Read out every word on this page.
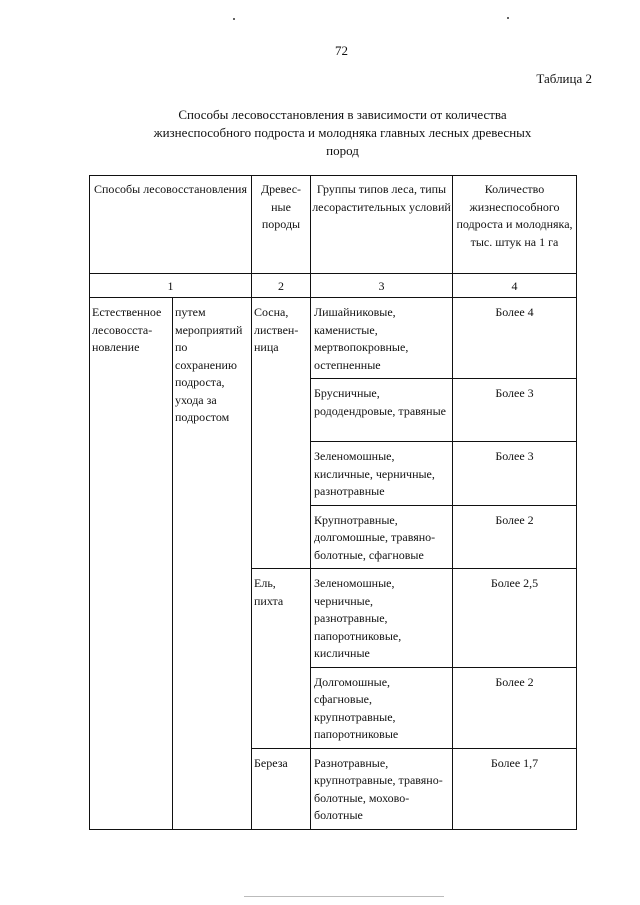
72
Таблица 2
Способы лесовосстановления в зависимости от количества жизнеспособного подроста и молодняка главных лесных древесных пород
Способы лесовосстановления		Древес-ные породы	Группы типов леса, типы лесорастительных условий	Количество жизнеспособного подроста и молодняка, тыс. штук на 1 га
1		2	3	4
Естественное лесовосста-новление	путем мероприятий по сохранению подроста, ухода за подростом	Сосна, листвен-ница	Лишайниковые, каменистые, мертвопокровные, остепненные	Более 4
			Брусничные, рододендровые, травяные	Более 3
			Зеленомошные, кисличные, черничные, разнотравные	Более 3
			Крупнотравные, долгомошные, травяно-болотные, сфагновые	Более 2
		Ель, пихта	Зеленомошные, черничные, разнотравные, папоротниковые, кисличные	Более 2,5
			Долгомошные, сфагновые, крупнотравные, папоротниковые	Более 2
		Береза	Разнотравные, крупнотравные, травяно-болотные, мохово-болотные	Более 1,7
